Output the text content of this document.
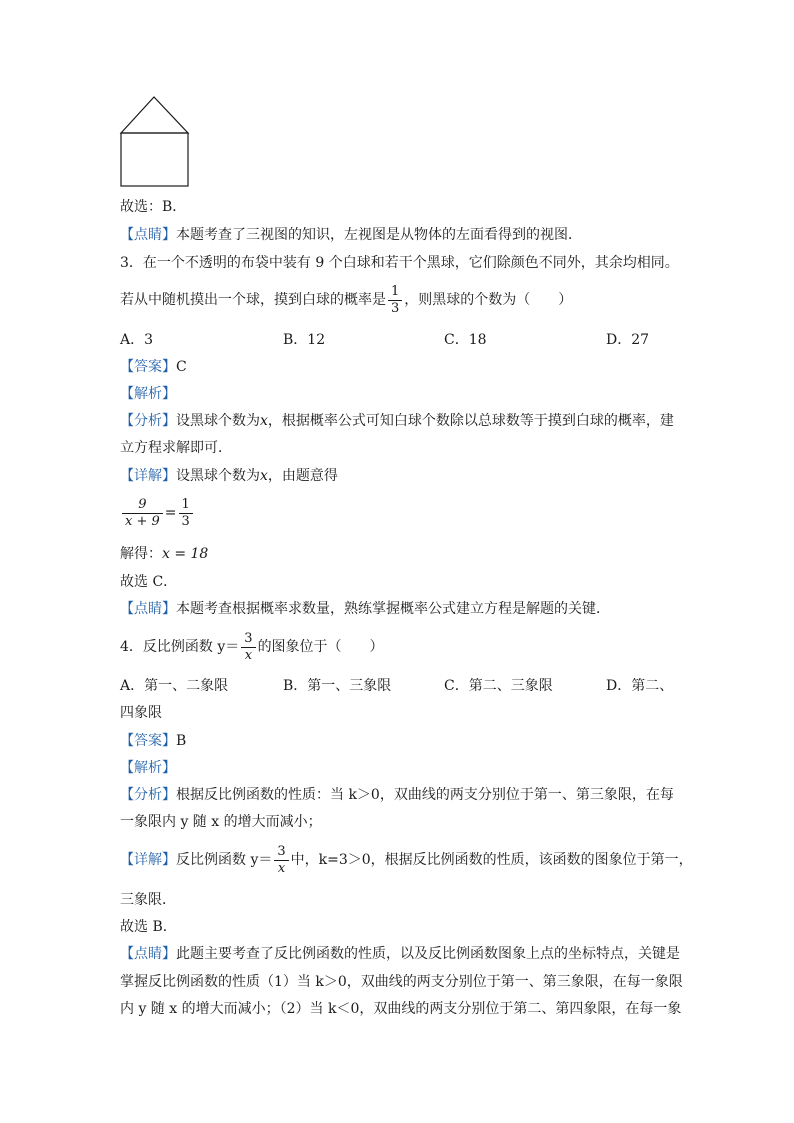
故选：B．
【点睛】本题考查了三视图的知识，左视图是从物体的左面看得到的视图．
3．在一个不透明的布袋中装有 9 个白球和若干个黑球，它们除颜色不同外，其余均相同。
若从中随机摸出一个球，摸到白球的概率是 $\frac{1}{3}$ ，则黑球的个数为（　　）
A．3	B．12	C．18	D．27
【答案】C
【解析】
【分析】设黑球个数为x，根据概率公式可知白球个数除以总球数等于摸到白球的概率，建
立方程求解即可．
【详解】设黑球个数为x，由题意得
$\frac{9}{x + 9} = \frac{1}{3}$
解得：x = 18
故选 C．
【点睛】本题考查根据概率求数量，熟练掌握概率公式建立方程是解题的关键．
4．反比例函数 $y= \frac{3}{x}$ 的图象位于（　　）
A．第一、二象限	B．第一、三象限	C．第二、三象限	D．第二、
四象限
【答案】B
【解析】
【分析】根据反比例函数的性质：当 k＞0，双曲线的两支分别位于第一、第三象限，在每
一象限内 y 随 x 的增大而减小；
【详解】反比例函数 $y= \frac{3}{x}$ 中，k=3＞0，根据反比例函数的性质，该函数的图象位于第一，
三象限．
故选 B．
【点睛】此题主要考查了反比例函数的性质，以及反比例函数图象上点的坐标特点，关键是
掌握反比例函数的性质（1）当 k＞0，双曲线的两支分别位于第一、第三象限，在每一象限
内 y 随 x 的增大而减小；（2）当 k＜0，双曲线的两支分别位于第二、第四象限，在每一象
